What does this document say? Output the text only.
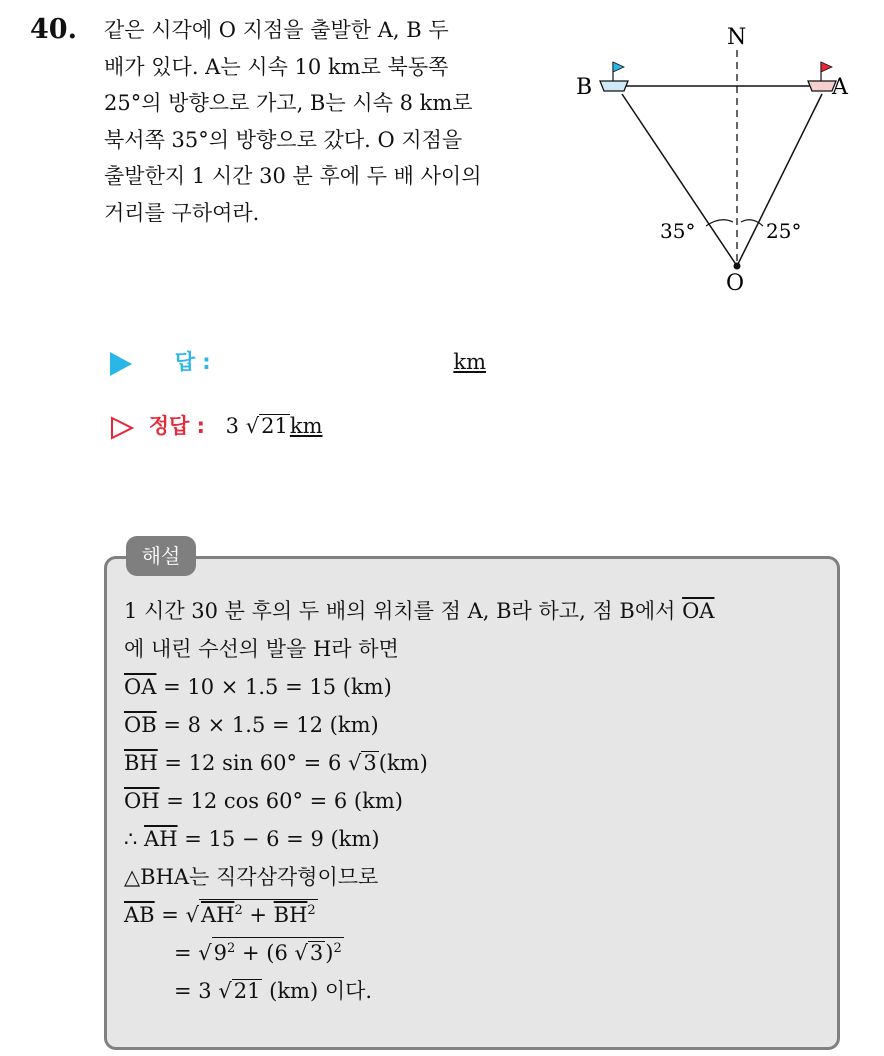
40. 같은 시각에 O 지점을 출발한 A, B 두
배가 있다. A는 시속 10 km로 북동쪽
25°의 방향으로 가고, B는 시속 8 km로
북서쪽 35°의 방향으로 갔다. O 지점을
출발한지 1 시간 30 분 후에 두 배 사이의
거리를 구하여라.
N
B	A
O
35°	25°
답 :	km
정답 : 3 √21km
해설
1 시간 30 분 후의 두 배의 위치를 점 A, B라 하고, 점 B에서 $\overline{OA}$
에 내린 수선의 발을 H라 하면
$\overline{OA} = 10 \times 1.5 = 15$ (km)
$\overline{OB} = 8 \times 1.5 = 12$ (km)
$\overline{BH} = 12$ sin 60° = 6 √3(km)
$\overline{OH} = 12$ cos 60° = 6 (km)
∴ $\overline{AH} = 15 - 6 = 9$ (km)
△BHA는 직각삼각형이므로
$\overline{AB} = √AH^2 + \overline{BH}^2$
= $√9^2 + (6$ √3)$^2$
= 3 √21 (km) 이다.
